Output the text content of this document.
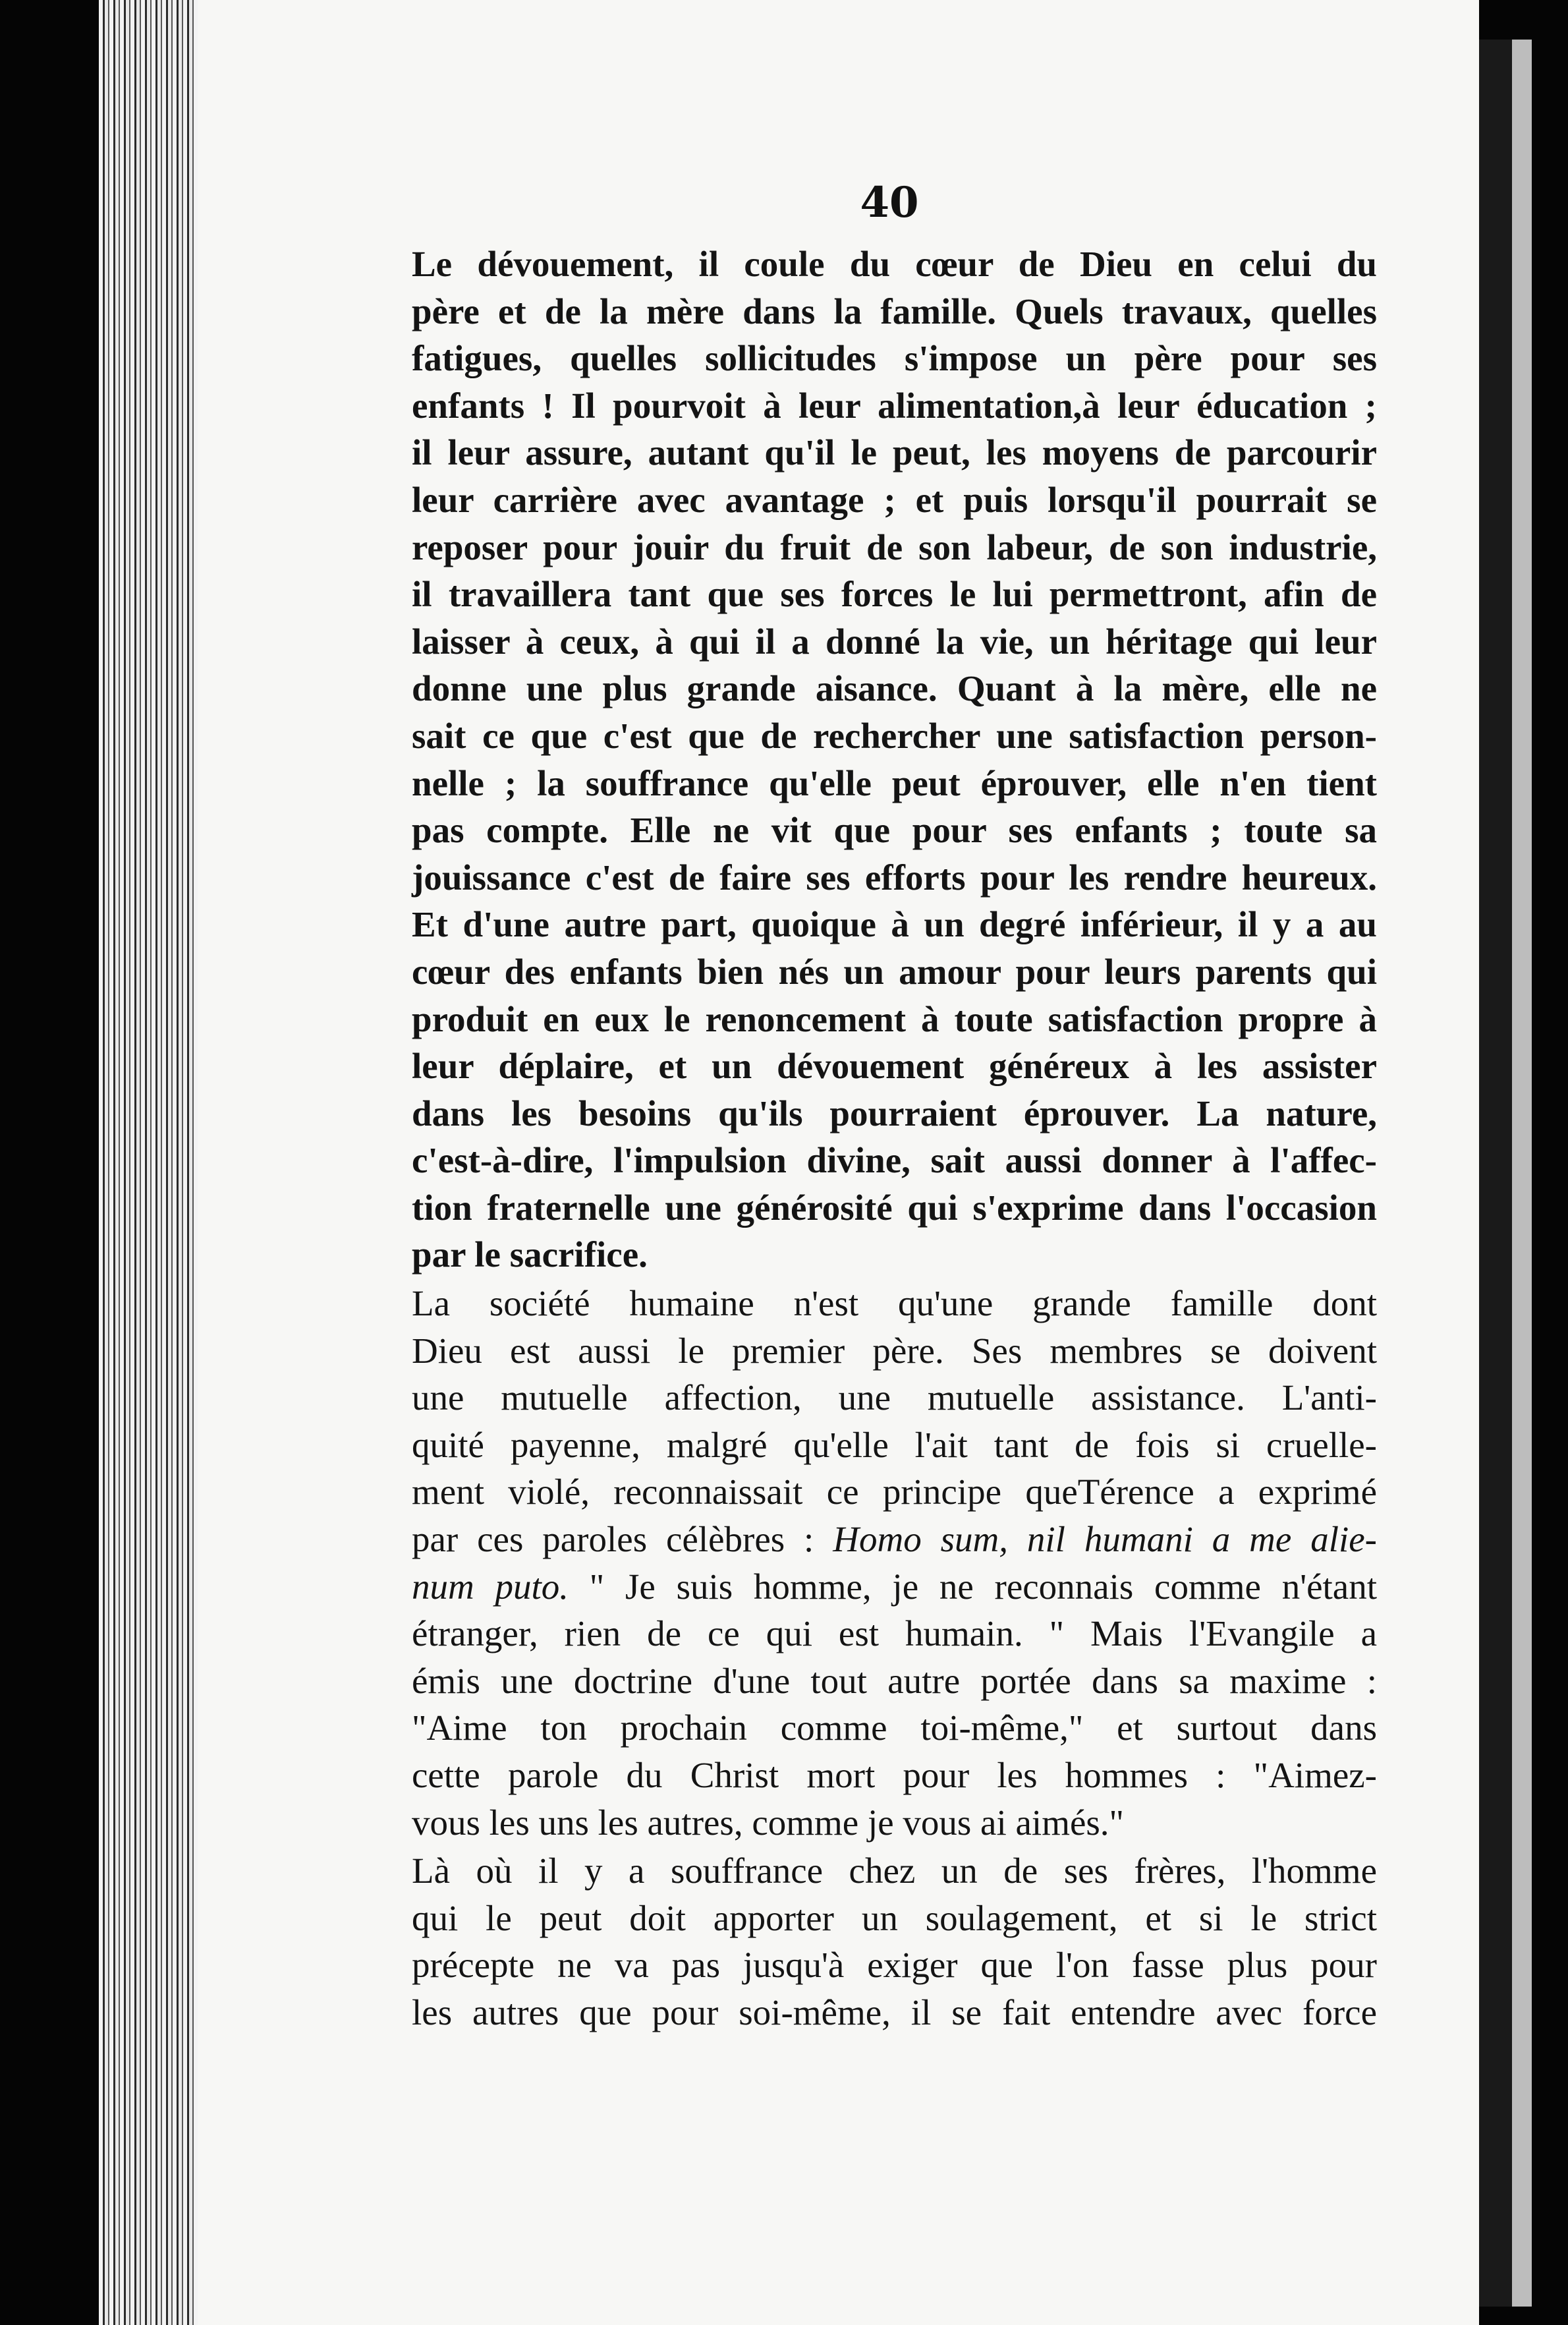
40
Le dévouement, il coule du cœur de Dieu en celui du
père et de la mère dans la famille. Quels travaux, quelles
fatigues, quelles sollicitudes s'impose un père pour ses
enfants ! Il pourvoit à leur alimentation,à leur éducation ;
il leur assure, autant qu'il le peut, les moyens de parcourir
leur carrière avec avantage ; et puis lorsqu'il pourrait se
reposer pour jouir du fruit de son labeur, de son industrie,
il travaillera tant que ses forces le lui permettront, afin de
laisser à ceux, à qui il a donné la vie, un héritage qui leur
donne une plus grande aisance. Quant à la mère, elle ne
sait ce que c'est que de rechercher une satisfaction person-
nelle ; la souffrance qu'elle peut éprouver, elle n'en tient
pas compte. Elle ne vit que pour ses enfants ; toute sa
jouissance c'est de faire ses efforts pour les rendre heureux.
Et d'une autre part, quoique à un degré inférieur, il y a au
cœur des enfants bien nés un amour pour leurs parents qui
produit en eux le renoncement à toute satisfaction propre à
leur déplaire, et un dévouement généreux à les assister
dans les besoins qu'ils pourraient éprouver. La nature,
c'est-à-dire, l'impulsion divine, sait aussi donner à l'affec-
tion fraternelle une générosité qui s'exprime dans l'occasion
par le sacrifice.
La société humaine n'est qu'une grande famille dont
Dieu est aussi le premier père. Ses membres se doivent
une mutuelle affection, une mutuelle assistance. L'anti-
quité payenne, malgré qu'elle l'ait tant de fois si cruelle-
ment violé, reconnaissait ce principe queTérence a exprimé
par ces paroles célèbres : Homo sum, nil humani a me alie-
num puto. " Je suis homme, je ne reconnais comme n'étant
étranger, rien de ce qui est humain. " Mais l'Evangile a
émis une doctrine d'une tout autre portée dans sa maxime :
"Aime ton prochain comme toi-même," et surtout dans
cette parole du Christ mort pour les hommes : "Aimez-
vous les uns les autres, comme je vous ai aimés."
Là où il y a souffrance chez un de ses frères, l'homme
qui le peut doit apporter un soulagement, et si le strict
précepte ne va pas jusqu'à exiger que l'on fasse plus pour
les autres que pour soi-même, il se fait entendre avec force
